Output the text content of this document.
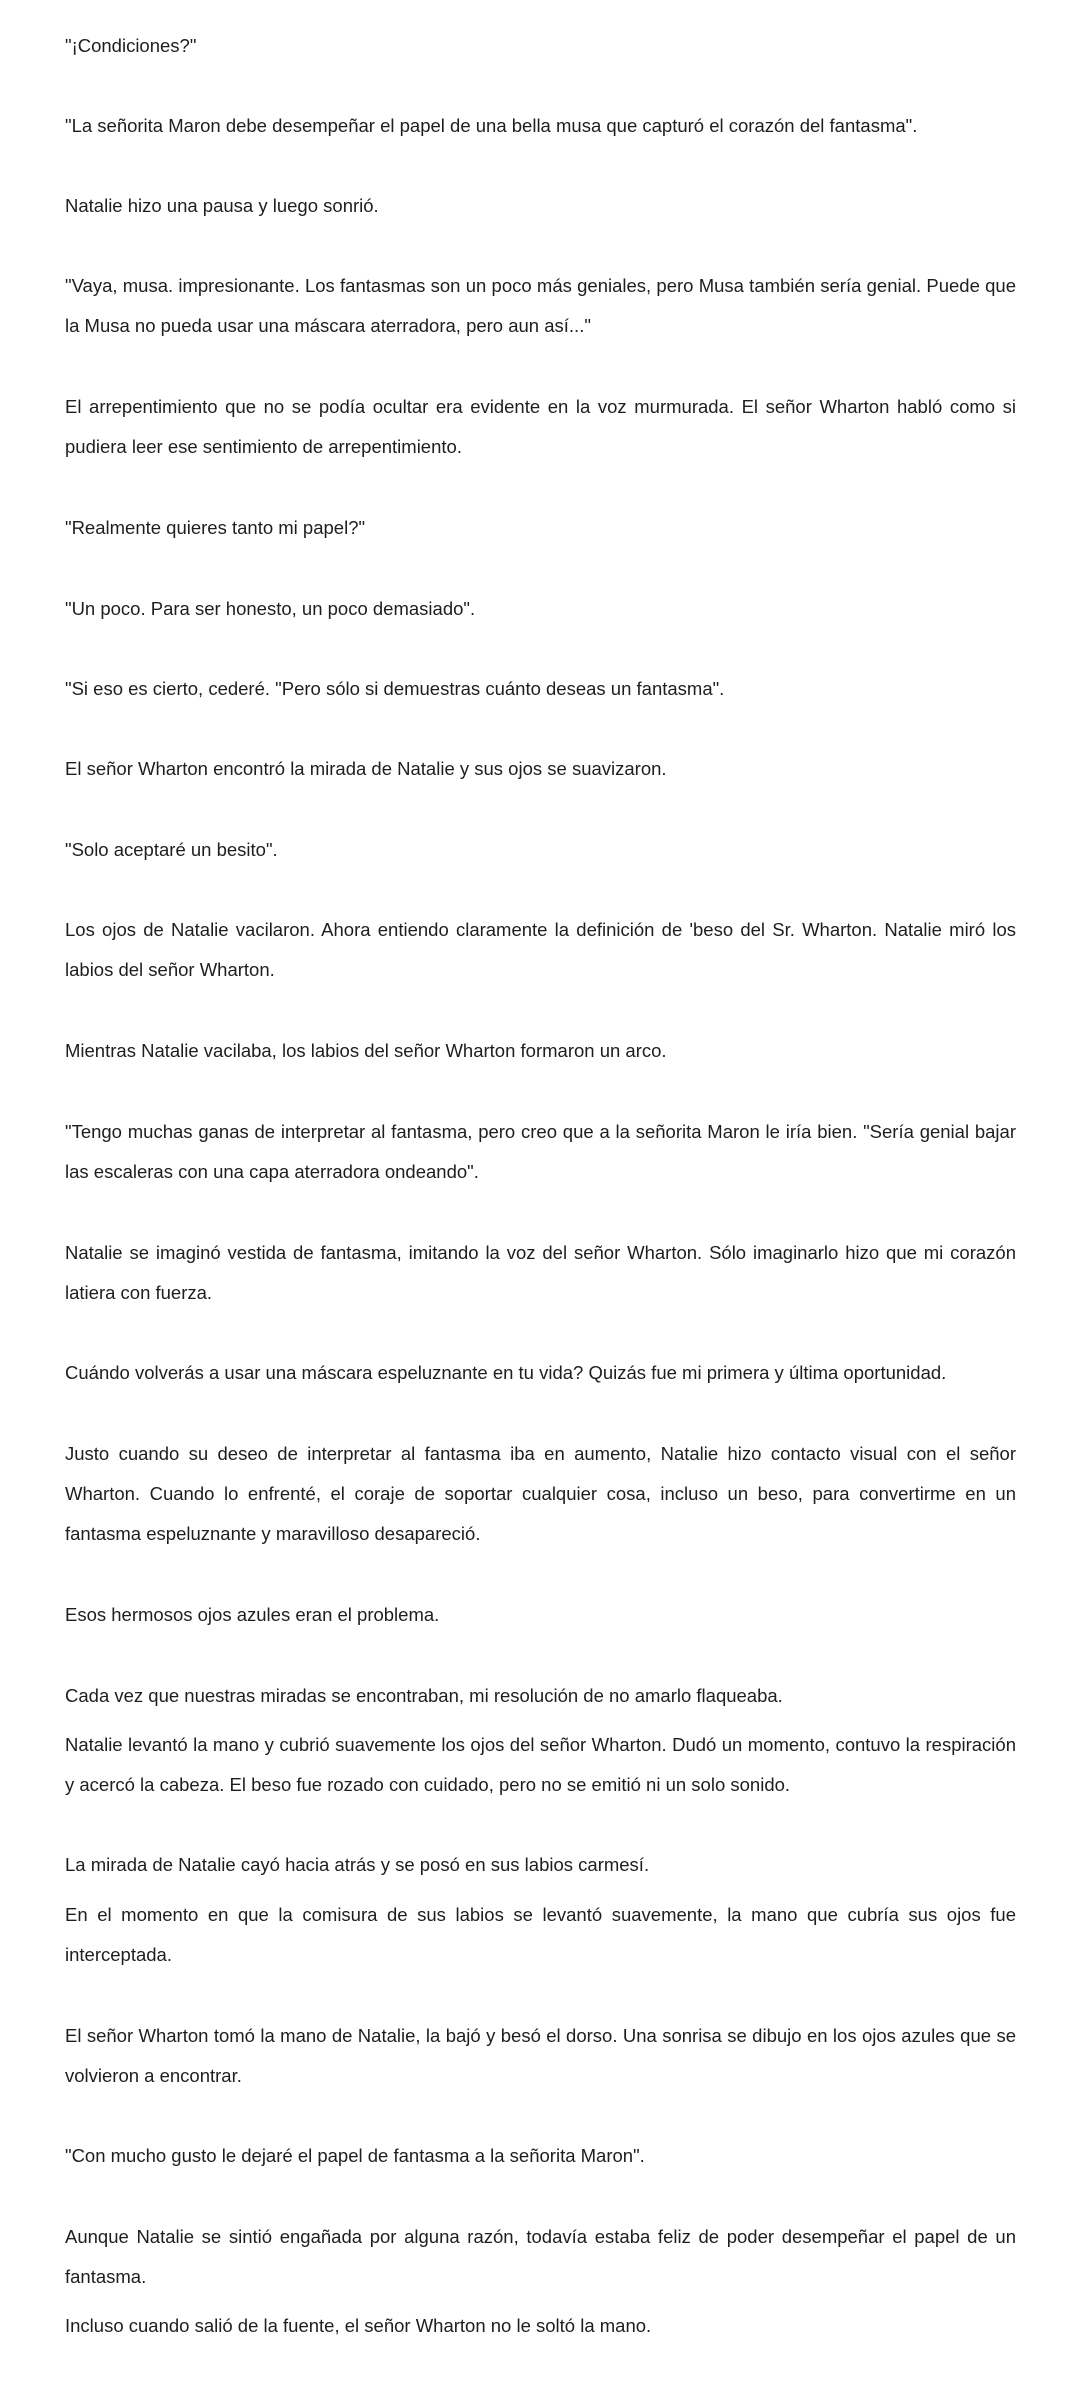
"¡Condiciones?"

"La señorita Maron debe desempeñar el papel de una bella musa que capturó el corazón del fantasma".

Natalie hizo una pausa y luego sonrió.

"Vaya, musa. impresionante. Los fantasmas son un poco más geniales, pero Musa también sería genial. Puede que la Musa no pueda usar una máscara aterradora, pero aun así..."

El arrepentimiento que no se podía ocultar era evidente en la voz murmurada. El señor Wharton habló como si pudiera leer ese sentimiento de arrepentimiento.

"Realmente quieres tanto mi papel?"

"Un poco. Para ser honesto, un poco demasiado".

"Si eso es cierto, cederé. "Pero sólo si demuestras cuánto deseas un fantasma".

El señor Wharton encontró la mirada de Natalie y sus ojos se suavizaron.

"Solo aceptaré un besito".

Los ojos de Natalie vacilaron. Ahora entiendo claramente la definición de 'beso del Sr. Wharton. Natalie miró los labios del señor Wharton.

Mientras Natalie vacilaba, los labios del señor Wharton formaron un arco.

"Tengo muchas ganas de interpretar al fantasma, pero creo que a la señorita Maron le iría bien. "Sería genial bajar las escaleras con una capa aterradora ondeando".

Natalie se imaginó vestida de fantasma, imitando la voz del señor Wharton. Sólo imaginarlo hizo que mi corazón latiera con fuerza.

Cuándo volverás a usar una máscara espeluznante en tu vida? Quizás fue mi primera y última oportunidad.

Justo cuando su deseo de interpretar al fantasma iba en aumento, Natalie hizo contacto visual con el señor Wharton. Cuando lo enfrenté, el coraje de soportar cualquier cosa, incluso un beso, para convertirme en un fantasma espeluznante y maravilloso desapareció.

Esos hermosos ojos azules eran el problema.

Cada vez que nuestras miradas se encontraban, mi resolución de no amarlo flaqueaba.

Natalie levantó la mano y cubrió suavemente los ojos del señor Wharton. Dudó un momento, contuvo la respiración y acercó la cabeza. El beso fue rozado con cuidado, pero no se emitió ni un solo sonido.

La mirada de Natalie cayó hacia atrás y se posó en sus labios carmesí.

En el momento en que la comisura de sus labios se levantó suavemente, la mano que cubría sus ojos fue interceptada.

El señor Wharton tomó la mano de Natalie, la bajó y besó el dorso. Una sonrisa se dibujo en los ojos azules que se volvieron a encontrar.

"Con mucho gusto le dejaré el papel de fantasma a la señorita Maron".

Aunque Natalie se sintió engañada por alguna razón, todavía estaba feliz de poder desempeñar el papel de un fantasma.

Incluso cuando salió de la fuente, el señor Wharton no le soltó la mano.
